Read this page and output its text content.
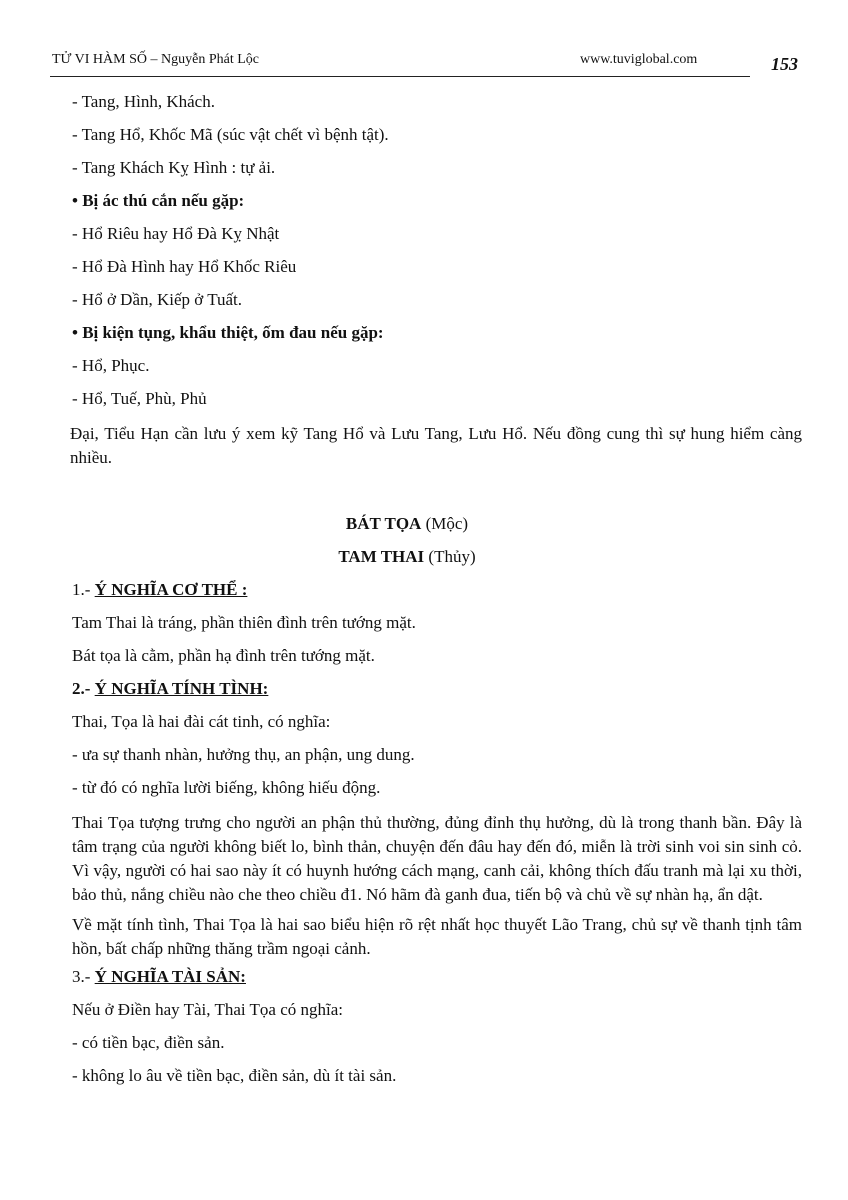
TỬ VI HÀM SỐ – Nguyễn Phát Lộc	www.tuviglobal.com	153
- Tang, Hình, Khách.
- Tang Hổ, Khốc Mã (súc vật chết vì bệnh tật).
- Tang Khách Kỵ Hình : tự ải.
• Bị ác thú cắn nếu gặp:
- Hổ Riêu hay Hổ Đà Kỵ Nhật
- Hổ Đà Hình hay Hổ Khốc Riêu
- Hổ ở Dần, Kiếp ở Tuất.
• Bị kiện tụng, khẩu thiệt, ốm đau nếu gặp:
- Hổ, Phục.
- Hổ, Tuế, Phù, Phủ

Đại, Tiểu Hạn cần lưu ý xem kỹ Tang Hổ và Lưu Tang, Lưu Hổ. Nếu đồng cung thì sự hung hiểm càng nhiều.

BÁT TỌA (Mộc)
TAM THAI (Thủy)
1.- Ý NGHĨA CƠ THỂ :
Tam Thai là tráng, phần thiên đình trên tướng mặt.
Bát tọa là cằm, phần hạ đình trên tướng mặt.
2.- Ý NGHĨA TÍNH TÌNH:
Thai, Tọa là hai đài cát tinh, có nghĩa:
- ưa sự thanh nhàn, hưởng thụ, an phận, ung dung.
- từ đó có nghĩa lười biếng, không hiếu động.

Thai Tọa tượng trưng cho người an phận thủ thường, đủng đỉnh thụ hưởng, dù là trong thanh bần. Đây là tâm trạng của người không biết lo, bình thản, chuyện đến đâu hay đến đó, miễn là trời sinh voi sin sinh cỏ. Vì vậy, người có hai sao này ít có huynh hướng cách mạng, canh cải, không thích đấu tranh mà lại xu thời, bảo thủ, nắng chiều nào che theo chiều đ1. Nó hãm đà ganh đua, tiến bộ và chủ về sự nhàn hạ, ẩn dật.

Về mặt tính tình, Thai Tọa là hai sao biểu hiện rõ rệt nhất học thuyết Lão Trang, chủ sự về thanh tịnh tâm hồn, bất chấp những thăng trầm ngoại cảnh.

3.- Ý NGHĨA TÀI SẢN:
Nếu ở Điền hay Tài, Thai Tọa có nghĩa:
- có tiền bạc, điền sản.
- không lo âu về tiền bạc, điền sản, dù ít tài sản.
